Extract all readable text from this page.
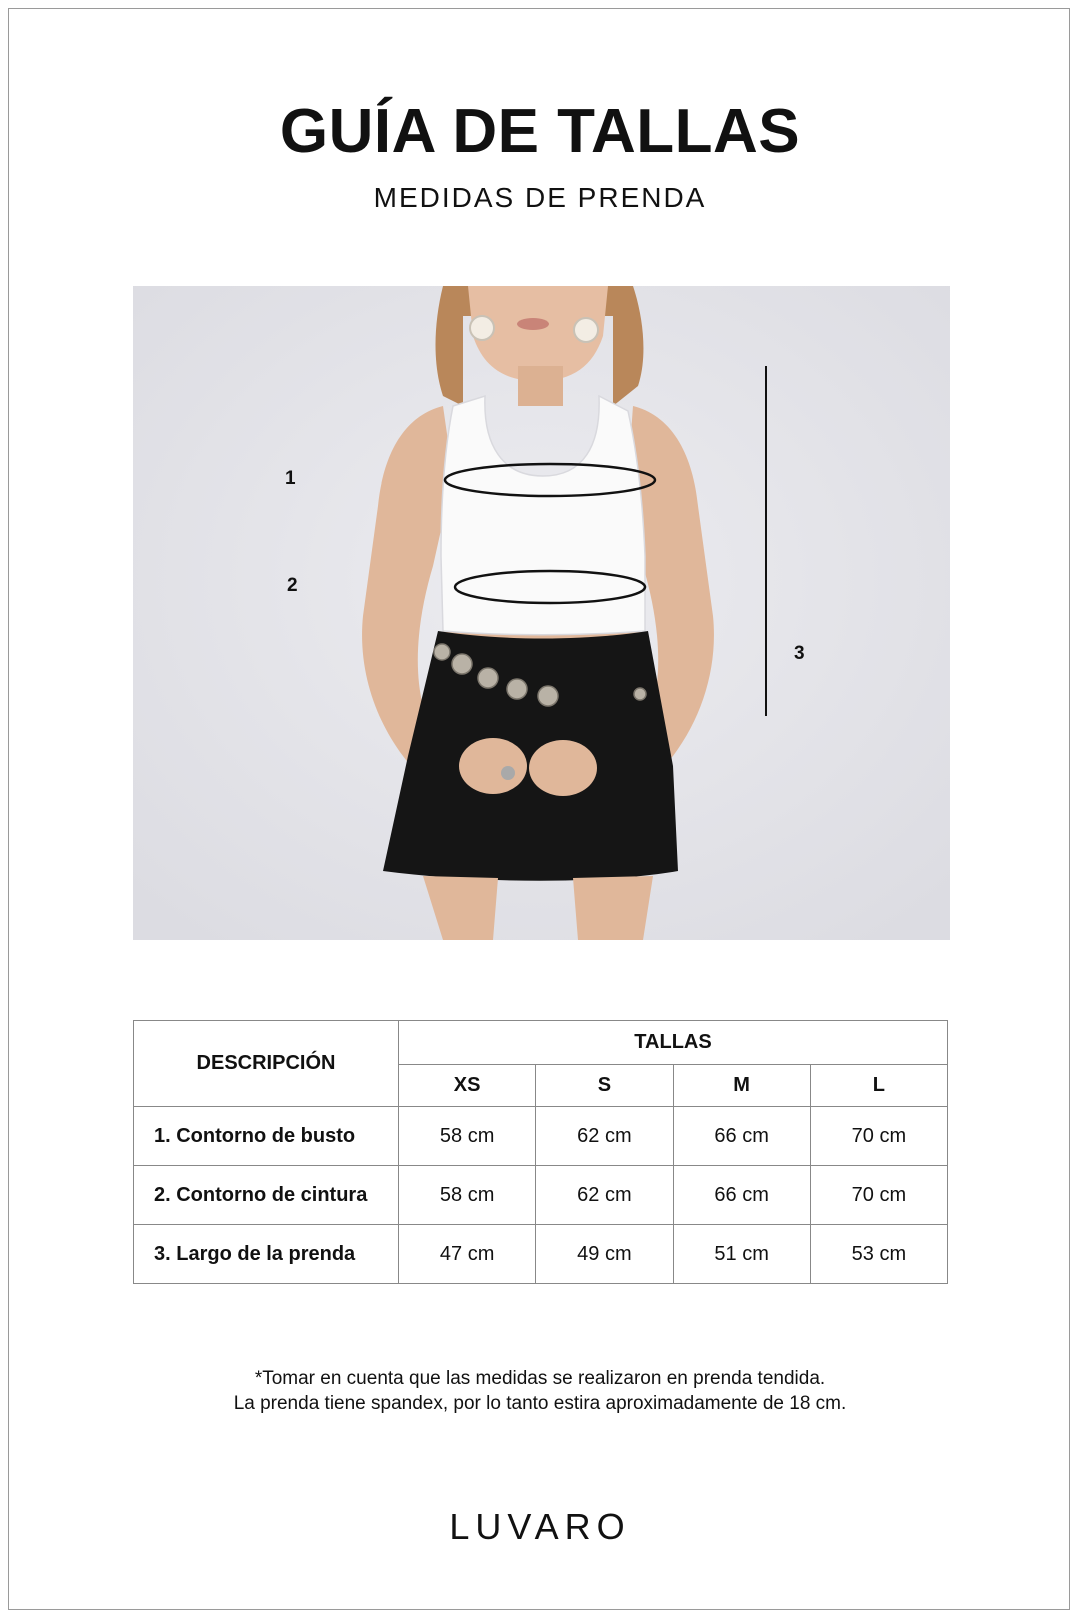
GUÍA DE TALLAS
MEDIDAS DE PRENDA
1
2
3
DESCRIPCIÓN	TALLAS			
	XS	S	M	L
1. Contorno de busto	58 cm	62 cm	66 cm	70 cm
2. Contorno de cintura	58 cm	62 cm	66 cm	70 cm
3. Largo de la prenda	47 cm	49 cm	51 cm	53 cm
*Tomar en cuenta que las medidas se realizaron en prenda tendida.
La prenda tiene spandex, por lo tanto estira aproximadamente de 18 cm.
LUVARO
